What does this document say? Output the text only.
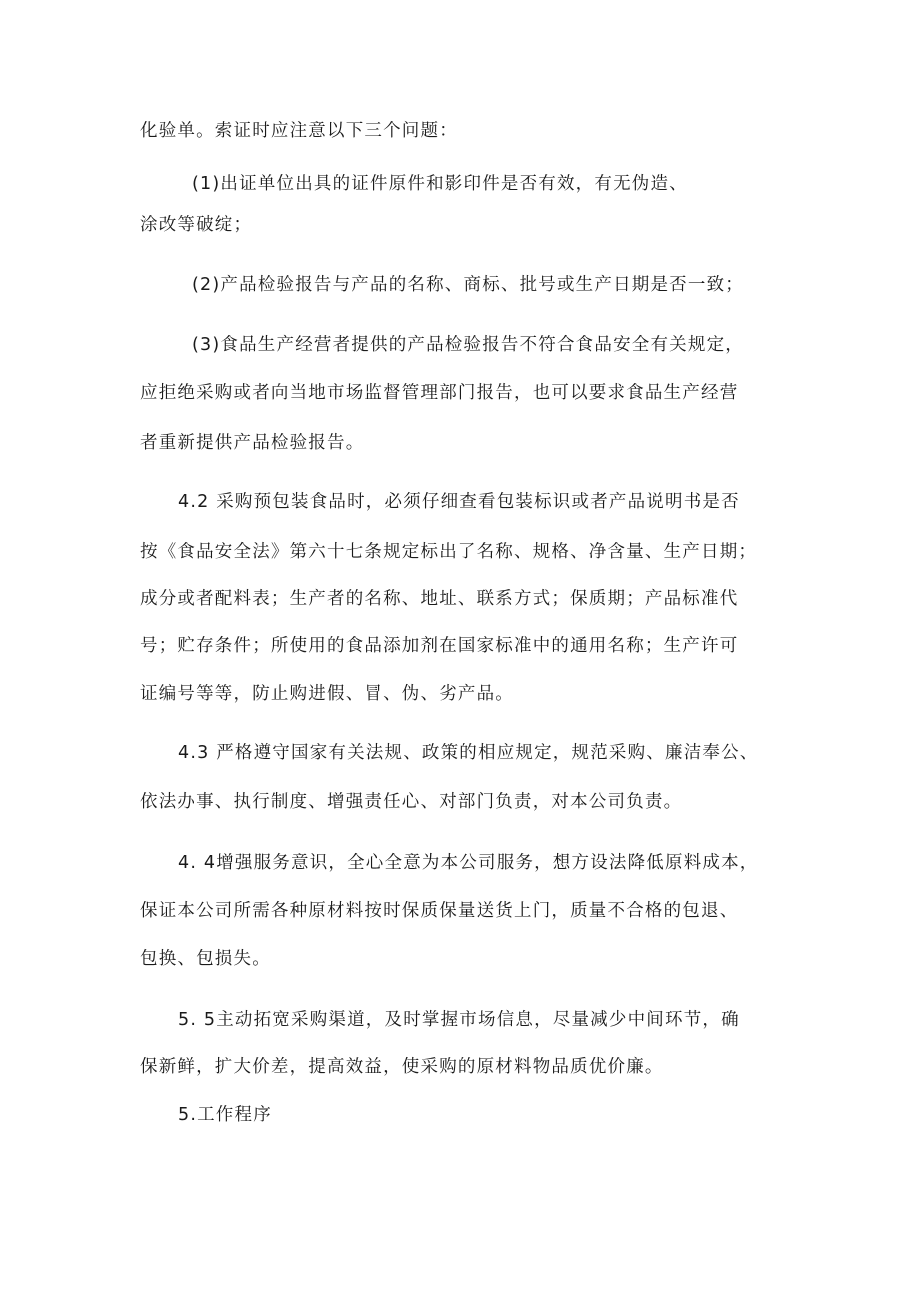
化验单。索证时应注意以下三个问题：
(1)出证单位出具的证件原件和影印件是否有效，有无伪造、
涂改等破绽；
(2)产品检验报告与产品的名称、商标、批号或生产日期是否一致；
(3)食品生产经营者提供的产品检验报告不符合食品安全有关规定，
应拒绝采购或者向当地市场监督管理部门报告，也可以要求食品生产经营
者重新提供产品检验报告。
4.2 采购预包装食品时，必须仔细查看包装标识或者产品说明书是否
按《食品安全法》第六十七条规定标出了名称、规格、净含量、生产日期；
成分或者配料表；生产者的名称、地址、联系方式；保质期；产品标准代
号；贮存条件；所使用的食品添加剂在国家标准中的通用名称；生产许可
证编号等等，防止购进假、冒、伪、劣产品。
4.3 严格遵守国家有关法规、政策的相应规定，规范采购、廉洁奉公、
依法办事、执行制度、增强责任心、对部门负责，对本公司负责。
4. 4增强服务意识，全心全意为本公司服务，想方设法降低原料成本，
保证本公司所需各种原材料按时保质保量送货上门，质量不合格的包退、
包换、包损失。
5. 5主动拓宽采购渠道，及时掌握市场信息，尽量减少中间环节，确
保新鲜，扩大价差，提高效益，使采购的原材料物品质优价廉。
5.工作程序
